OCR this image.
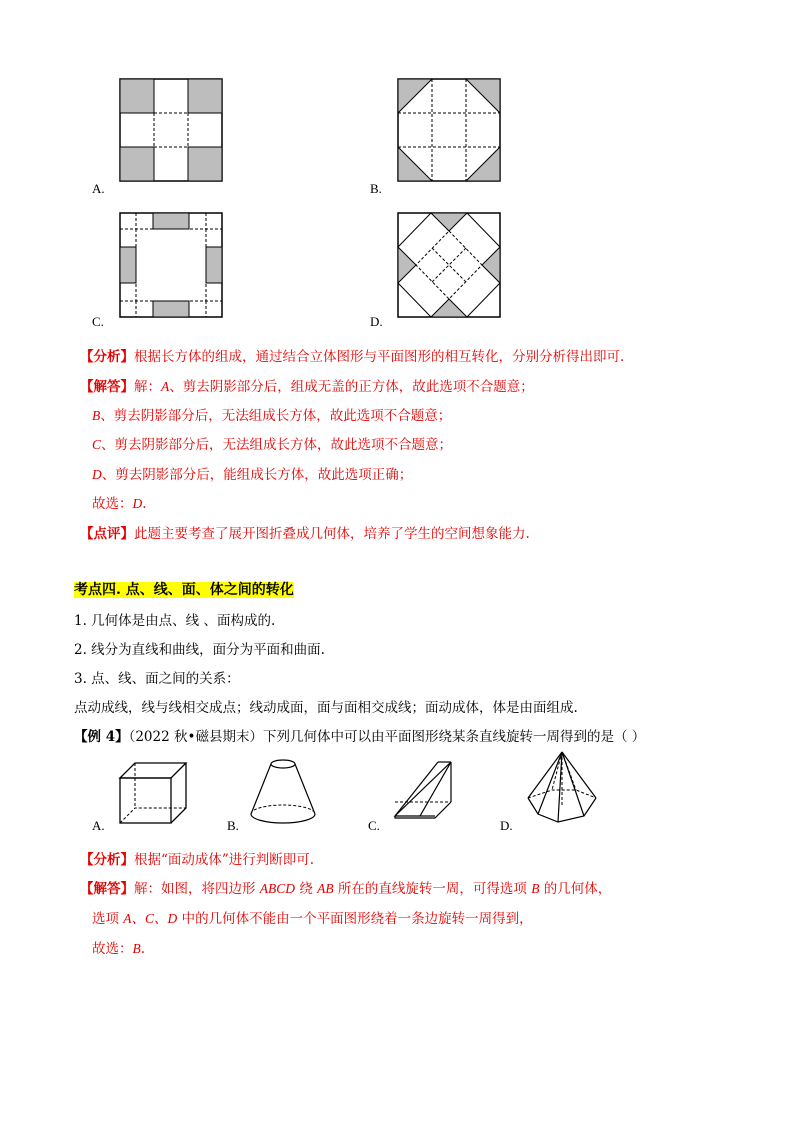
A.	B.
C.	D.
【分析】根据长方体的组成，通过结合立体图形与平面图形的相互转化，分别分析得出即可.
【解答】解：A、剪去阴影部分后，组成无盖的正方体，故此选项不合题意；
B、剪去阴影部分后，无法组成长方体，故此选项不合题意；
C、剪去阴影部分后，无法组成长方体，故此选项不合题意；
D、剪去阴影部分后，能组成长方体，故此选项正确；
故选：D.
【点评】此题主要考查了展开图折叠成几何体，培养了学生的空间想象能力.
考点四. 点、线、面、体之间的转化
1. 几何体是由点、线 、面构成的.
2. 线分为直线和曲线，面分为平面和曲面.
3. 点、线、面之间的关系：
点动成线，线与线相交成点；线动成面，面与面相交成线；面动成体，体是由面组成.
【例 4】（2022 秋•磁县期末）下列几何体中可以由平面图形绕某条直线旋转一周得到的是（ ）
A.	B.	C.	D.
【分析】根据“面动成体”进行判断即可.
【解答】解：如图，将四边形 ABCD 绕 AB 所在的直线旋转一周，可得选项 B 的几何体，
选项 A、C、D 中的几何体不能由一个平面图形绕着一条边旋转一周得到，
故选：B.
